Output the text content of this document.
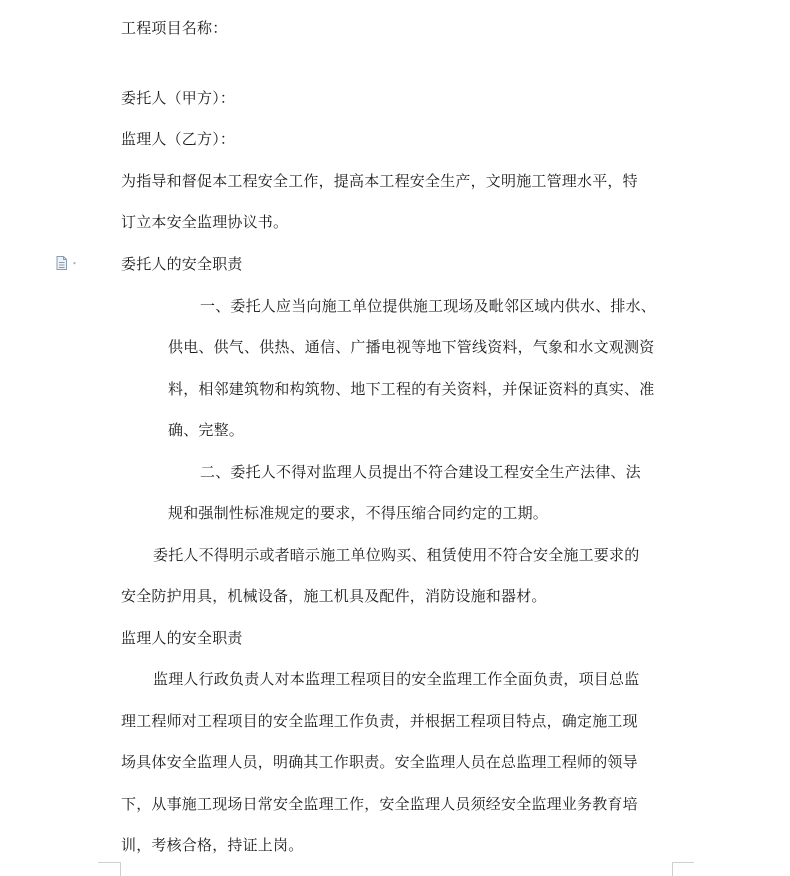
工程项目名称：
委托人（甲方）：
监理人（乙方）：
为指导和督促本工程安全工作，提高本工程安全生产，文明施工管理水平，特
订立本安全监理协议书。
委托人的安全职责
一、委托人应当向施工单位提供施工现场及毗邻区域内供水、排水、
供电、供气、供热、通信、广播电视等地下管线资料，气象和水文观测资
料，相邻建筑物和构筑物、地下工程的有关资料，并保证资料的真实、准
确、完整。
二、委托人不得对监理人员提出不符合建设工程安全生产法律、法
规和强制性标准规定的要求，不得压缩合同约定的工期。
委托人不得明示或者暗示施工单位购买、租赁使用不符合安全施工要求的
安全防护用具，机械设备，施工机具及配件，消防设施和器材。
监理人的安全职责
监理人行政负责人对本监理工程项目的安全监理工作全面负责，项目总监
理工程师对工程项目的安全监理工作负责，并根据工程项目特点，确定施工现
场具体安全监理人员，明确其工作职责。安全监理人员在总监理工程师的领导
下，从事施工现场日常安全监理工作，安全监理人员须经安全监理业务教育培
训，考核合格，持证上岗。
